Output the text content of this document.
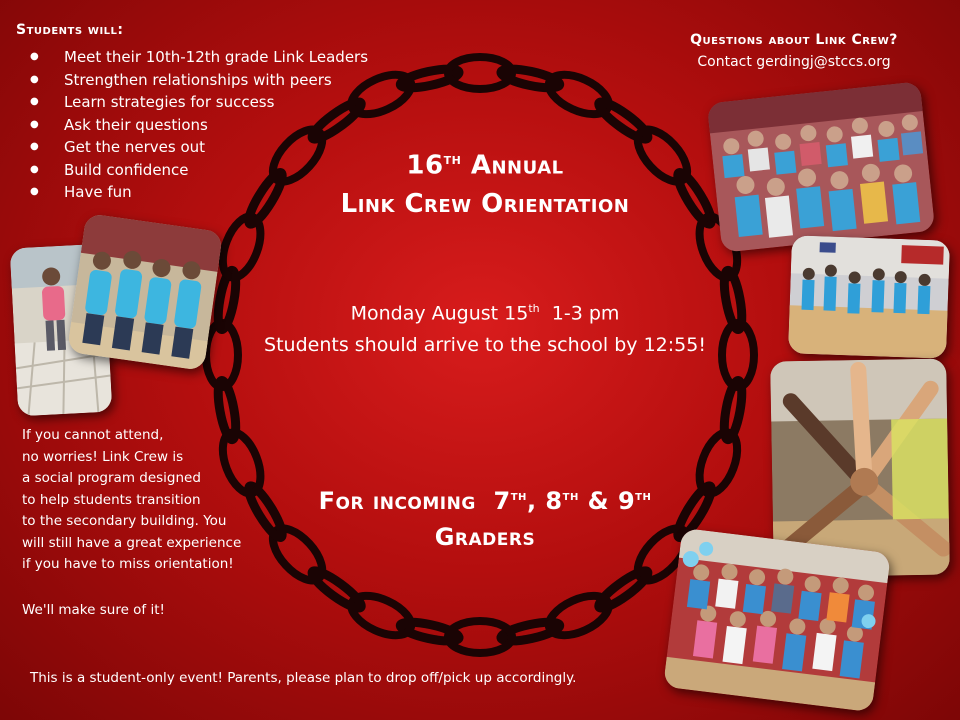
Students will:
● Meet their 10th-12th grade Link Leaders
● Strengthen relationships with peers
● Learn strategies for success
● Ask their questions
● Get the nerves out
● Build confidence
● Have fun
Questions about Link Crew?
Contact gerdingj@stccs.org
16th Annual
Link Crew Orientation
Monday August 15th 1-3 pm
Students should arrive to the school by 12:55!
For incoming 7th, 8th & 9th
Graders
If you cannot attend,
no worries! Link Crew is
a social program designed
to help students transition
to the secondary building. You
will still have a great experience
if you have to miss orientation!
We'll make sure of it!
This is a student-only event! Parents, please plan to drop off/pick up accordingly.
